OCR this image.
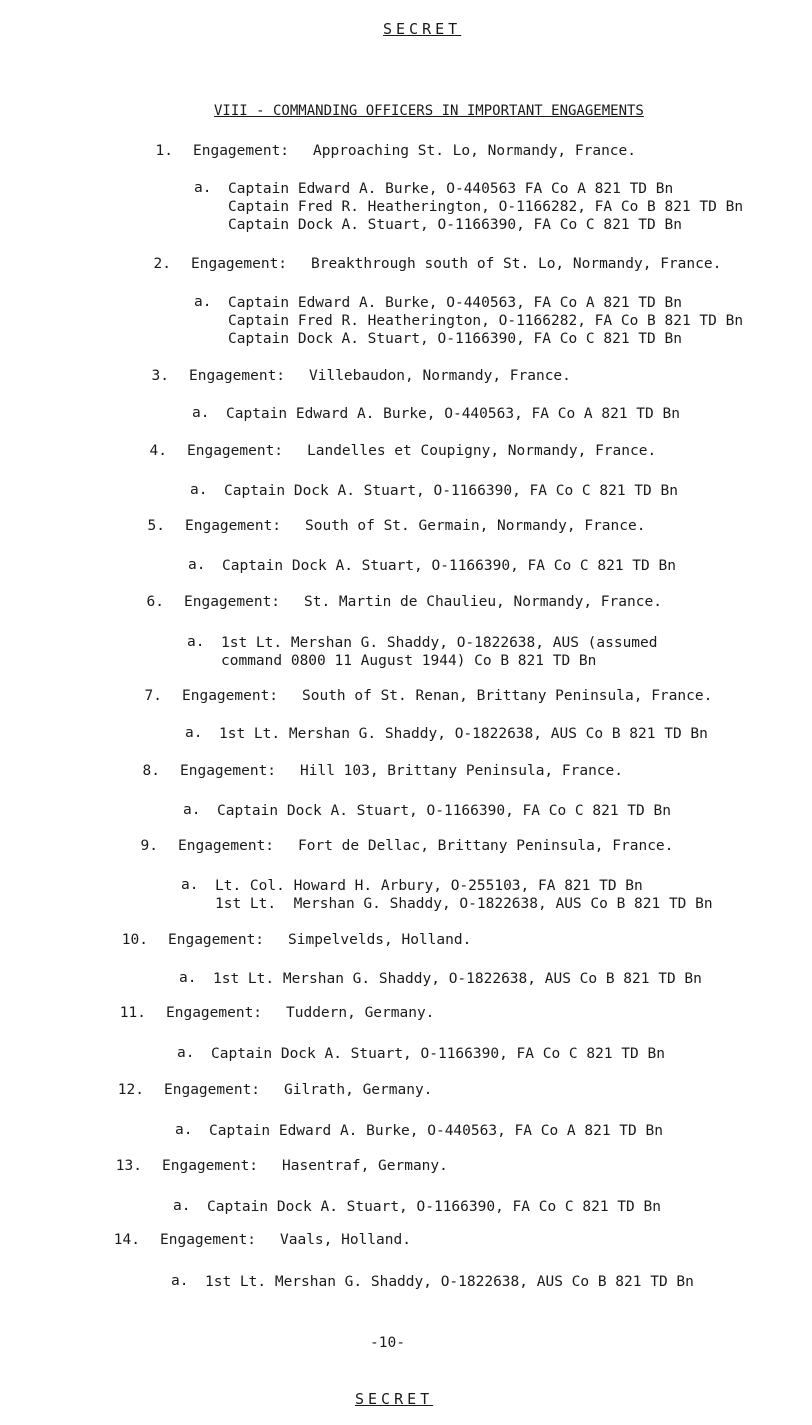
SECRET
VIII - COMMANDING OFFICERS IN IMPORTANT ENGAGEMENTS
1. Engagement: Approaching St. Lo, Normandy, France.
a. Captain Edward A. Burke, O-440563 FA Co A 821 TD Bn
Captain Fred R. Heatherington, O-1166282, FA Co B 821 TD Bn
Captain Dock A. Stuart, O-1166390, FA Co C 821 TD Bn
2. Engagement: Breakthrough south of St. Lo, Normandy, France.
a. Captain Edward A. Burke, O-440563, FA Co A 821 TD Bn
Captain Fred R. Heatherington, O-1166282, FA Co B 821 TD Bn
Captain Dock A. Stuart, O-1166390, FA Co C 821 TD Bn
3. Engagement: Villebaudon, Normandy, France.
a. Captain Edward A. Burke, O-440563, FA Co A 821 TD Bn
4. Engagement: Landelles et Coupigny, Normandy, France.
a. Captain Dock A. Stuart, O-1166390, FA Co C 821 TD Bn
5. Engagement: South of St. Germain, Normandy, France.
a. Captain Dock A. Stuart, O-1166390, FA Co C 821 TD Bn
6. Engagement: St. Martin de Chaulieu, Normandy, France.
a. 1st Lt. Mershan G. Shaddy, O-1822638, AUS (assumed
command 0800 11 August 1944) Co B 821 TD Bn
7. Engagement: South of St. Renan, Brittany Peninsula, France.
a. 1st Lt. Mershan G. Shaddy, O-1822638, AUS Co B 821 TD Bn
8. Engagement: Hill 103, Brittany Peninsula, France.
a. Captain Dock A. Stuart, O-1166390, FA Co C 821 TD Bn
9. Engagement: Fort de Dellac, Brittany Peninsula, France.
a. Lt. Col. Howard H. Arbury, O-255103, FA 821 TD Bn
1st Lt.  Mershan G. Shaddy, O-1822638, AUS Co B 821 TD Bn
10. Engagement: Simpelvelds, Holland.
a. 1st Lt. Mershan G. Shaddy, O-1822638, AUS Co B 821 TD Bn
11. Engagement: Tuddern, Germany.
a. Captain Dock A. Stuart, O-1166390, FA Co C 821 TD Bn
12. Engagement: Gilrath, Germany.
a. Captain Edward A. Burke, O-440563, FA Co A 821 TD Bn
13. Engagement: Hasentraf, Germany.
a. Captain Dock A. Stuart, O-1166390, FA Co C 821 TD Bn
14. Engagement: Vaals, Holland.
a. 1st Lt. Mershan G. Shaddy, O-1822638, AUS Co B 821 TD Bn
-10-
SECRET
